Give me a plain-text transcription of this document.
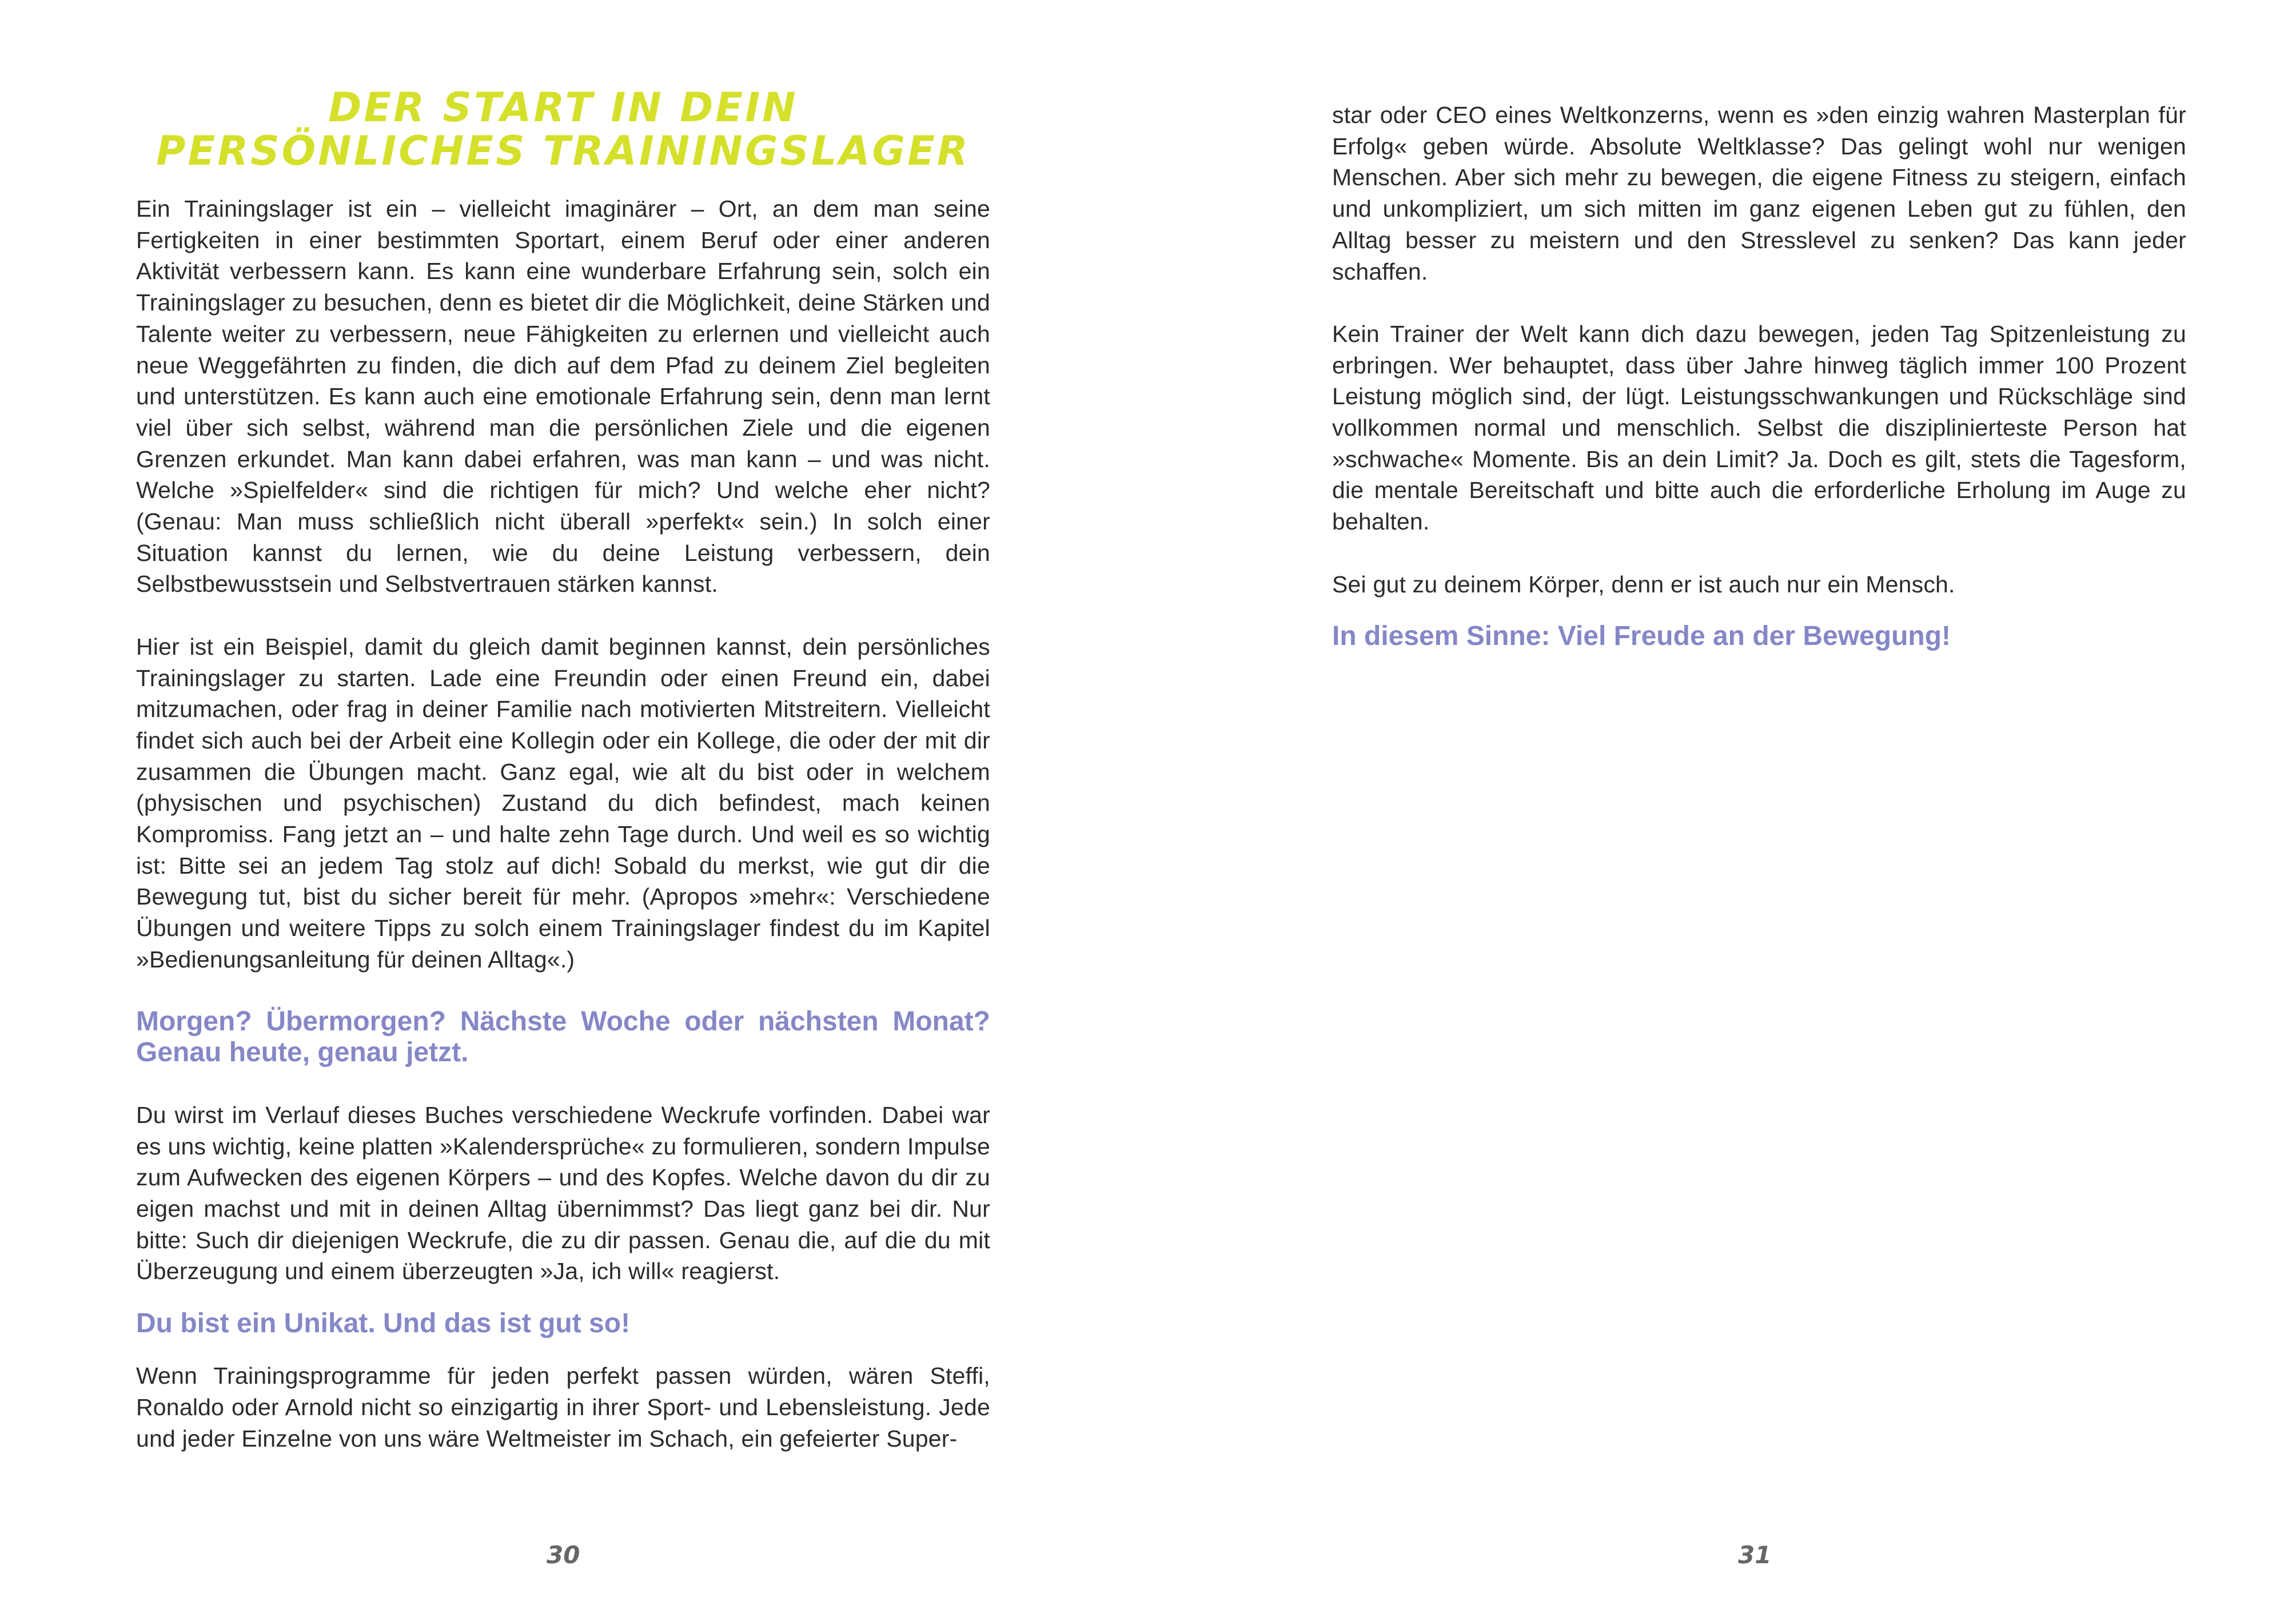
DER START IN DEIN PERSÖNLICHES TRAININGSLAGER

Ein Trainingslager ist ein – vielleicht imaginärer – Ort, an dem man seine Fertigkeiten in einer bestimmten Sportart, einem Beruf oder einer anderen Aktivität verbessern kann. Es kann eine wunderbare Erfahrung sein, solch ein Trainingslager zu besuchen, denn es bietet dir die Möglichkeit, deine Stärken und Talente weiter zu verbessern, neue Fähigkeiten zu erlernen und vielleicht auch neue Weggefährten zu finden, die dich auf dem Pfad zu deinem Ziel begleiten und unterstützen. Es kann auch eine emotionale Erfahrung sein, denn man lernt viel über sich selbst, während man die persönlichen Ziele und die eigenen Grenzen erkundet. Man kann dabei erfahren, was man kann – und was nicht. Welche »Spielfelder« sind die richtigen für mich? Und welche eher nicht? (Genau: Man muss schließlich nicht überall »perfekt« sein.) In solch einer Situation kannst du lernen, wie du deine Leistung verbessern, dein Selbstbewusstsein und Selbstvertrauen stärken kannst.

Hier ist ein Beispiel, damit du gleich damit beginnen kannst, dein persönliches Trainingslager zu starten. Lade eine Freundin oder einen Freund ein, dabei mitzumachen, oder frag in deiner Familie nach motivierten Mitstreitern. Vielleicht findet sich auch bei der Arbeit eine Kollegin oder ein Kollege, die oder der mit dir zusammen die Übungen macht. Ganz egal, wie alt du bist oder in welchem (physischen und psychischen) Zustand du dich befindest, mach keinen Kompromiss. Fang jetzt an – und halte zehn Tage durch. Und weil es so wichtig ist: Bitte sei an jedem Tag stolz auf dich! Sobald du merkst, wie gut dir die Bewegung tut, bist du sicher bereit für mehr. (Apropos »mehr«: Verschiedene Übungen und weitere Tipps zu solch einem Trainingslager findest du im Kapitel »Bedienungsanleitung für deinen Alltag«.)

Morgen? Übermorgen? Nächste Woche oder nächsten Monat? Genau heute, genau jetzt.

Du wirst im Verlauf dieses Buches verschiedene Weckrufe vorfinden. Dabei war es uns wichtig, keine platten »Kalendersprüche« zu formulieren, sondern Impulse zum Aufwecken des eigenen Körpers – und des Kopfes. Welche davon du dir zu eigen machst und mit in deinen Alltag übernimmst? Das liegt ganz bei dir. Nur bitte: Such dir diejenigen Weckrufe, die zu dir passen. Genau die, auf die du mit Überzeugung und einem überzeugten »Ja, ich will« reagierst.

Du bist ein Unikat. Und das ist gut so!

Wenn Trainingsprogramme für jeden perfekt passen würden, wären Steffi, Ronaldo oder Arnold nicht so einzigartig in ihrer Sport- und Lebensleistung. Jede und jeder Einzelne von uns wäre Weltmeister im Schach, ein gefeierter Super-

30

star oder CEO eines Weltkonzerns, wenn es »den einzig wahren Masterplan für Erfolg« geben würde. Absolute Weltklasse? Das gelingt wohl nur wenigen Menschen. Aber sich mehr zu bewegen, die eigene Fitness zu steigern, einfach und unkompliziert, um sich mitten im ganz eigenen Leben gut zu fühlen, den Alltag besser zu meistern und den Stresslevel zu senken? Das kann jeder schaffen.

Kein Trainer der Welt kann dich dazu bewegen, jeden Tag Spitzenleistung zu erbringen. Wer behauptet, dass über Jahre hinweg täglich immer 100 Prozent Leistung möglich sind, der lügt. Leistungsschwankungen und Rückschläge sind vollkommen normal und menschlich. Selbst die disziplinierteste Person hat »schwache« Momente. Bis an dein Limit? Ja. Doch es gilt, stets die Tagesform, die mentale Bereitschaft und bitte auch die erforderliche Erholung im Auge zu behalten.

Sei gut zu deinem Körper, denn er ist auch nur ein Mensch.

In diesem Sinne: Viel Freude an der Bewegung!

31
